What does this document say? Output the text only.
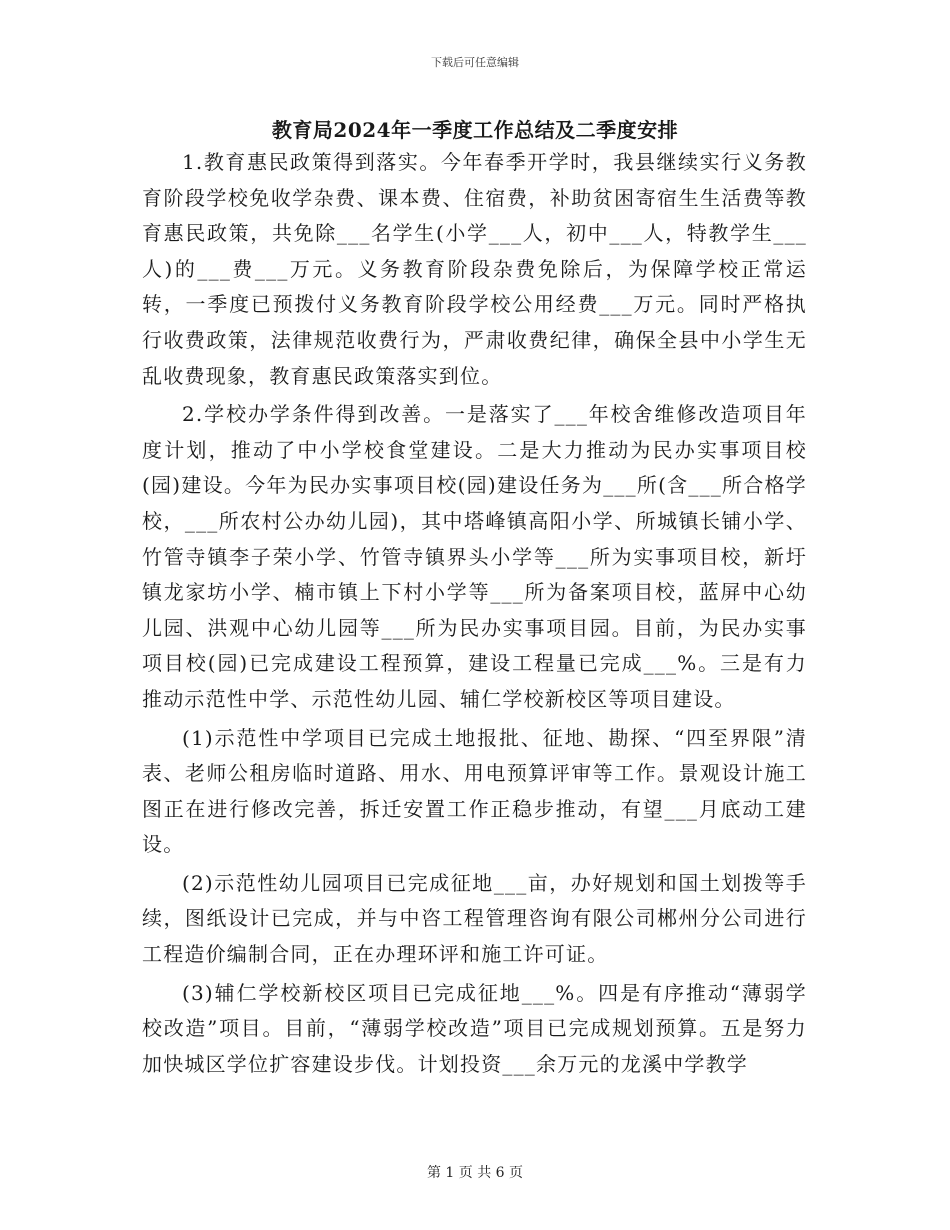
下载后可任意编辑
教育局2024年一季度工作总结及二季度安排

1.教育惠民政策得到落实。今年春季开学时，我县继续实行义务教育阶段学校免收学杂费、课本费、住宿费，补助贫困寄宿生生活费等教育惠民政策，共免除___名学生(小学___人，初中___人，特教学生___人)的___费___万元。义务教育阶段杂费免除后，为保障学校正常运转，一季度已预拨付义务教育阶段学校公用经费___万元。同时严格执行收费政策，法律规范收费行为，严肃收费纪律，确保全县中小学生无乱收费现象，教育惠民政策落实到位。

2.学校办学条件得到改善。一是落实了___年校舍维修改造项目年度计划，推动了中小学校食堂建设。二是大力推动为民办实事项目校(园)建设。今年为民办实事项目校(园)建设任务为___所(含___所合格学校，___所农村公办幼儿园)，其中塔峰镇高阳小学、所城镇长铺小学、竹管寺镇李子荣小学、竹管寺镇界头小学等___所为实事项目校，新圩镇龙家坊小学、楠市镇上下村小学等___所为备案项目校，蓝屏中心幼儿园、洪观中心幼儿园等___所为民办实事项目园。目前，为民办实事项目校(园)已完成建设工程预算，建设工程量已完成___%。三是有力推动示范性中学、示范性幼儿园、辅仁学校新校区等项目建设。

(1)示范性中学项目已完成土地报批、征地、勘探、“四至界限”清表、老师公租房临时道路、用水、用电预算评审等工作。景观设计施工图正在进行修改完善，拆迁安置工作正稳步推动，有望___月底动工建设。

(2)示范性幼儿园项目已完成征地___亩，办好规划和国土划拨等手续，图纸设计已完成，并与中咨工程管理咨询有限公司郴州分公司进行工程造价编制合同，正在办理环评和施工许可证。

(3)辅仁学校新校区项目已完成征地___%。四是有序推动“薄弱学校改造”项目。目前，“薄弱学校改造”项目已完成规划预算。五是努力加快城区学位扩容建设步伐。计划投资___余万元的龙溪中学教学

第 1 页 共 6 页
